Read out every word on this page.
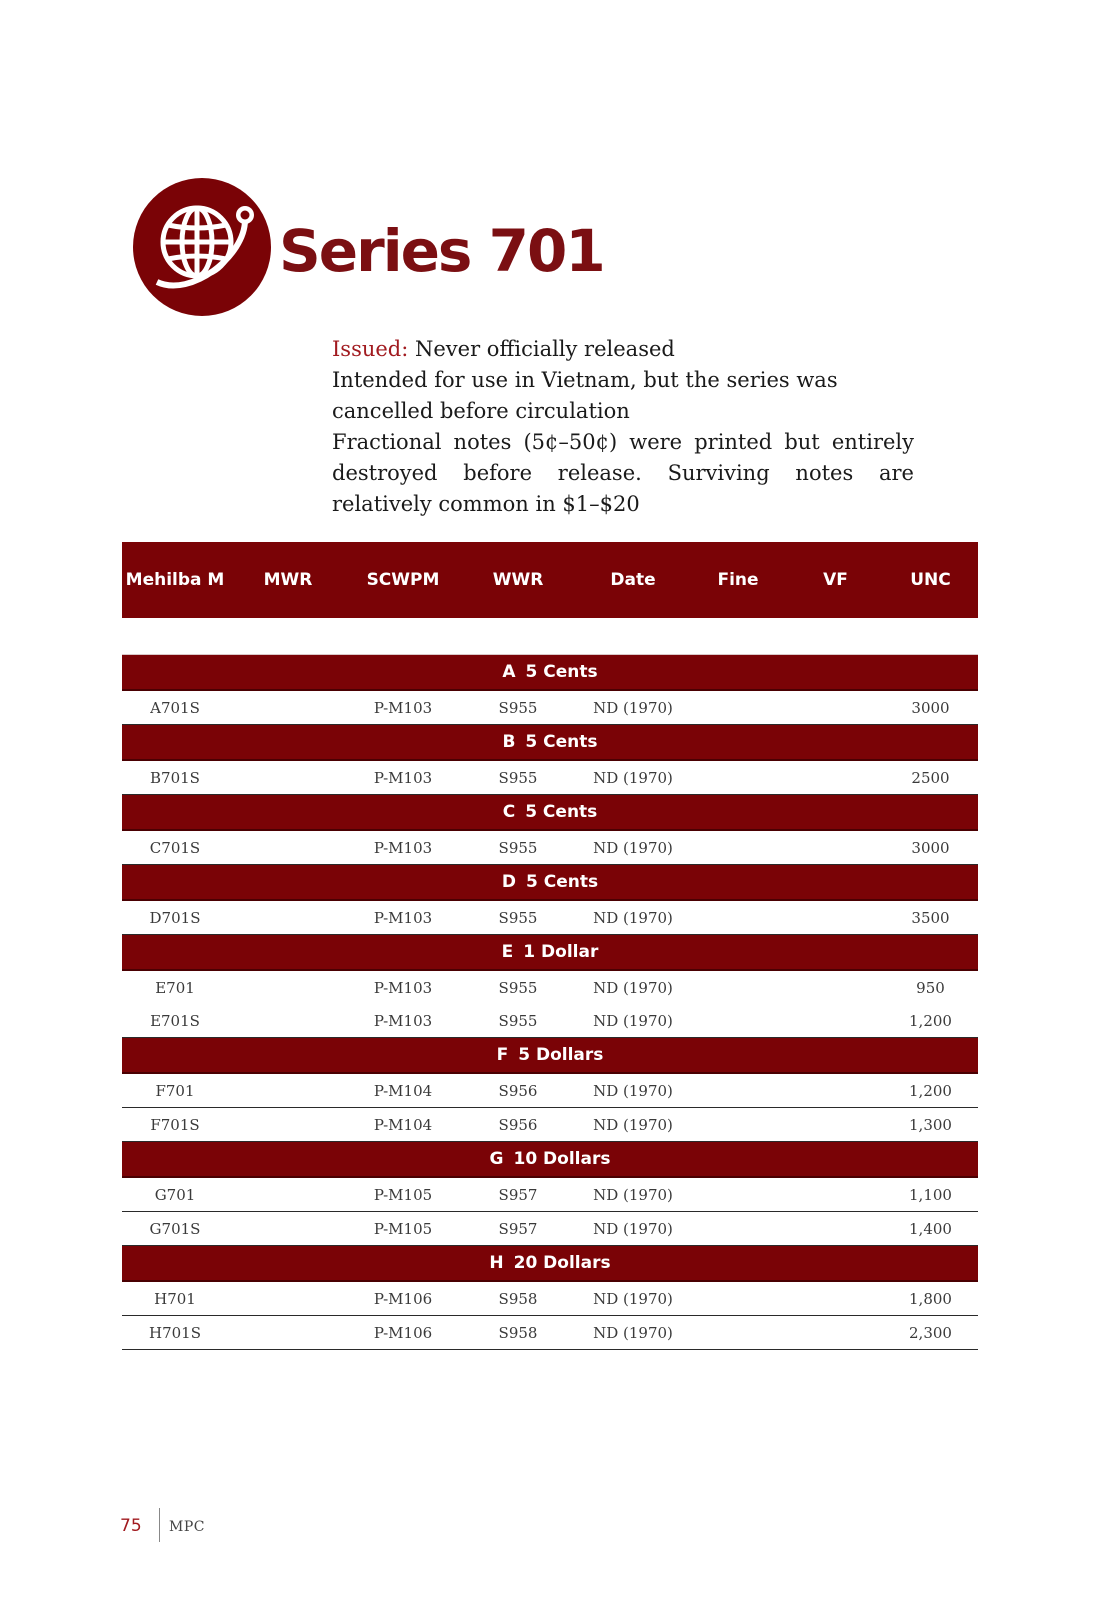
Series 701

Issued: Never officially released

Intended for use in Vietnam, but the series was cancelled before circulation

Fractional notes (5¢–50¢) were printed but entirely destroyed before release. Surviving notes are relatively common in $1–$20

Mehilba M	MWR	SCWPM	WWR	Date	Fine	VF	UNC

A 5 Cents							
A701S		P-M103	S955	ND (1970)			3000
B 5 Cents							
B701S		P-M103	S955	ND (1970)			2500
C 5 Cents							
C701S		P-M103	S955	ND (1970)			3000
D 5 Cents							
D701S		P-M103	S955	ND (1970)			3500
E 1 Dollar							
E701		P-M103	S955	ND (1970)			950
E701S		P-M103	S955	ND (1970)			1,200
F 5 Dollars							
F701		P-M104	S956	ND (1970)			1,200
F701S		P-M104	S956	ND (1970)			1,300
G 10 Dollars							
G701		P-M105	S957	ND (1970)			1,100
G701S		P-M105	S957	ND (1970)			1,400
H 20 Dollars							
H701		P-M106	S958	ND (1970)			1,800
H701S		P-M106	S958	ND (1970)			2,300
75 MPC
